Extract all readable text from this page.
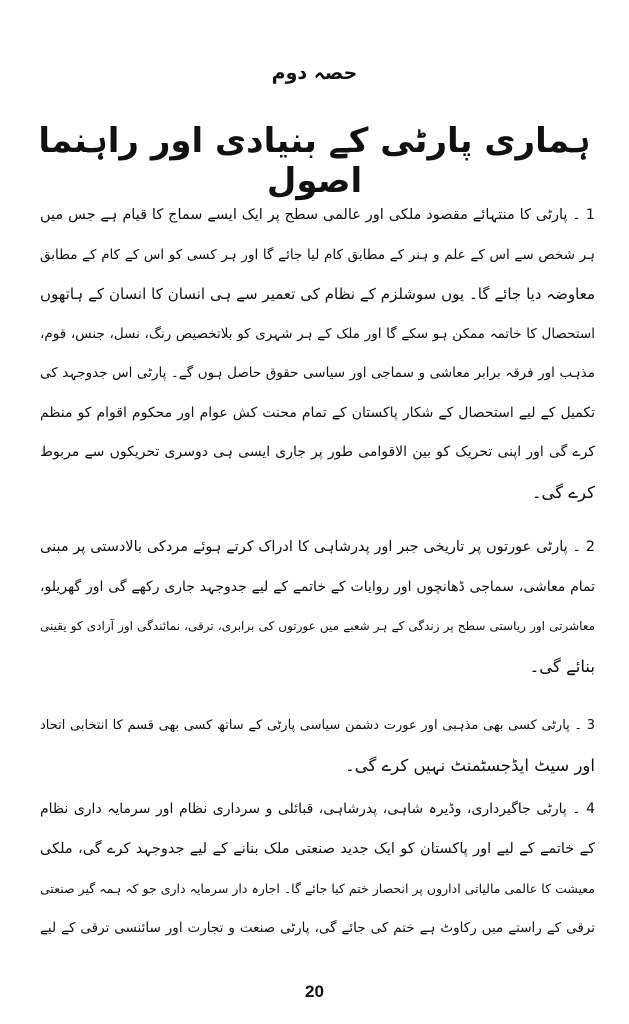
حصہ دوم
ہماری پارٹی کے بنیادی اور راہنما اصول
1 ۔ پارٹی کا منتہائے مقصود ملکی اور عالمی سطح پر ایک ایسے سماج کا قیام ہے جس میں
ہر شخص سے اس کے علم و ہنر کے مطابق کام لیا جائے گا اور ہر کسی کو اس کے کام کے مطابق
معاوضہ دیا جائے گا۔ یوں سوشلزم کے نظام کی تعمیر سے ہی انسان کا انسان کے ہاتھوں
استحصال کا خاتمہ ممکن ہو سکے گا اور ملک کے ہر شہری کو بلاتخصیص رنگ، نسل، جنس، قوم،
مذہب اور فرقہ برابر معاشی و سماجی اور سیاسی حقوق حاصل ہوں گے۔ پارٹی اس جدوجہد کی
تکمیل کے لیے استحصال کے شکار پاکستان کے تمام محنت کش عوام اور محکوم اقوام کو منظم
کرے گی اور اپنی تحریک کو بین الاقوامی طور پر جاری ایسی ہی دوسری تحریکوں سے مربوط
کرے گی۔
2 ۔ پارٹی عورتوں پر تاریخی جبر اور پدرشاہی کا ادراک کرتے ہوئے مردکی بالادستی پر مبنی
تمام معاشی، سماجی ڈھانچوں اور روایات کے خاتمے کے لیے جدوجہد جاری رکھے گی اور گھریلو،
معاشرتی اور ریاستی سطح پر زندگی کے ہر شعبے میں عورتوں کی برابری، ترقی، نمائندگی اور آزادی کو یقینی
بنائے گی۔
3 ۔ پارٹی کسی بھی مذہبی اور عورت دشمن سیاسی پارٹی کے ساتھ کسی بھی قسم کا انتخابی اتحاد
اور سیٹ ایڈجسٹمنٹ نہیں کرے گی۔
4 ۔ پارٹی جاگیرداری، وڈیرہ شاہی، پدرشاہی، قبائلی و سرداری نظام اور سرمایہ داری نظام
کے خاتمے کے لیے اور پاکستان کو ایک جدید صنعتی ملک بنانے کے لیے جدوجہد کرے گی، ملکی
معیشت کا عالمی مالیاتی اداروں پر انحصار ختم کیا جائے گا۔ اجارہ دار سرمایہ داری جو کہ ہمہ گیر صنعتی
ترقی کے راستے میں رکاوٹ ہے ختم کی جائے گی، پارٹی صنعت و تجارت اور سائنسی ترقی کے لیے
20
